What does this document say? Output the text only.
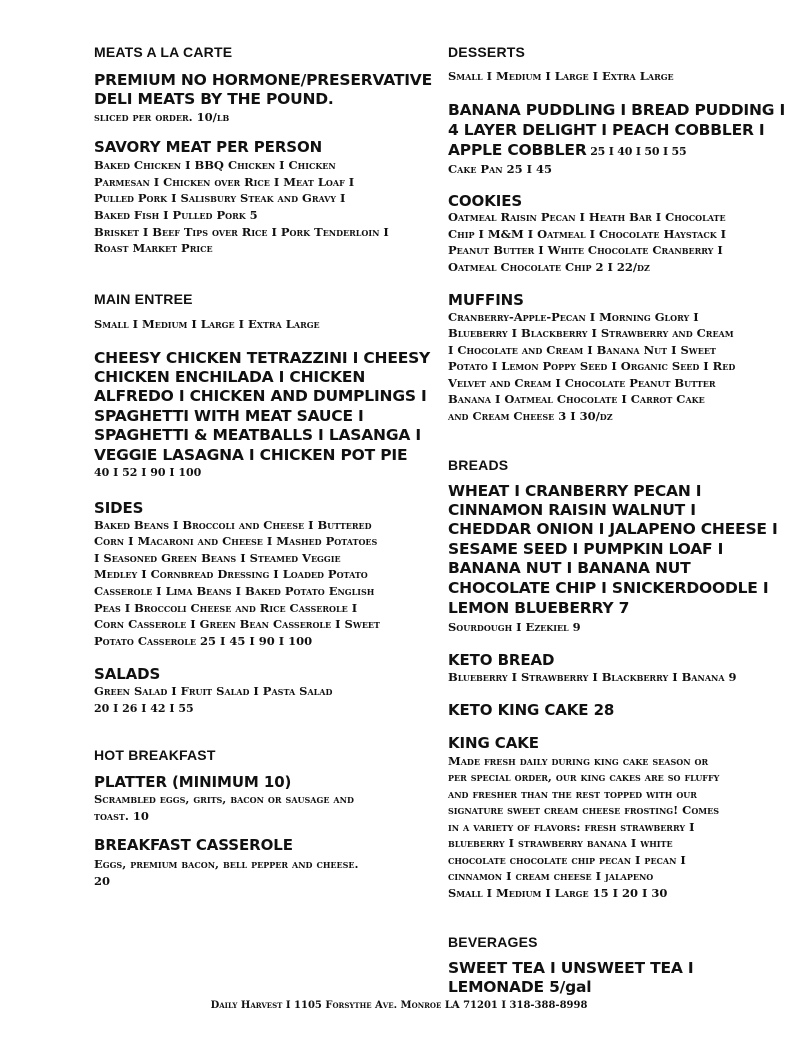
MEATS A LA CARTE
PREMIUM NO HORMONE/PRESERVATIVE
DELI MEATS BY THE POUND.
sliced per order. 10/lb
SAVORY MEAT PER PERSON
Baked Chicken I BBQ Chicken I Chicken
Parmesan I Chicken over Rice I Meat Loaf I
Pulled Pork I Salisbury Steak and Gravy I
Baked Fish I Pulled Pork 5
Brisket I Beef Tips over Rice I Pork Tenderloin I
Roast Market Price
MAIN ENTREE
Small I Medium I Large I Extra Large
CHEESY CHICKEN TETRAZZINI I CHEESY
CHICKEN ENCHILADA I CHICKEN
ALFREDO I CHICKEN AND DUMPLINGS I
SPAGHETTI WITH MEAT SAUCE I
SPAGHETTI & MEATBALLS I LASANGA I
VEGGIE LASAGNA I CHICKEN POT PIE
40 I 52 I 90 I 100
SIDES
Baked Beans I Broccoli and Cheese I Buttered
Corn I Macaroni and Cheese I Mashed Potatoes
I Seasoned Green Beans I Steamed Veggie
Medley I Cornbread Dressing I Loaded Potato
Casserole I Lima Beans I Baked Potato English
Peas I Broccoli Cheese and Rice Casserole I
Corn Casserole I Green Bean Casserole I Sweet
Potato Casserole 25 I 45 I 90 I 100
SALADS
Green Salad I Fruit Salad I Pasta Salad
20 I 26 I 42 I 55
HOT BREAKFAST
PLATTER (MINIMUM 10)
Scrambled eggs, grits, bacon or sausage and
toast. 10
BREAKFAST CASSEROLE
Eggs, premium bacon, bell pepper and cheese.
20
DESSERTS
Small I Medium I Large I Extra Large
BANANA PUDDLING I BREAD PUDDING I
4 LAYER DELIGHT I PEACH COBBLER I
APPLE COBBLER 25 I 40 I 50 I 55
Cake Pan 25 I 45
COOKIES
Oatmeal Raisin Pecan I Heath Bar I Chocolate
Chip I M&M I Oatmeal I Chocolate Haystack I
Peanut Butter I White Chocolate Cranberry I
Oatmeal Chocolate Chip 2 I 22/dz
MUFFINS
Cranberry-Apple-Pecan I Morning Glory I
Blueberry I Blackberry I Strawberry and Cream
I Chocolate and Cream I Banana Nut I Sweet
Potato I Lemon Poppy Seed I Organic Seed I Red
Velvet and Cream I Chocolate Peanut Butter
Banana I Oatmeal Chocolate I Carrot Cake
and Cream Cheese 3 I 30/dz
BREADS
WHEAT I CRANBERRY PECAN I
CINNAMON RAISIN WALNUT I
CHEDDAR ONION I JALAPENO CHEESE I
SESAME SEED I PUMPKIN LOAF I
BANANA NUT I BANANA NUT
CHOCOLATE CHIP I SNICKERDOODLE I
LEMON BLUEBERRY 7
Sourdough I Ezekiel 9
KETO BREAD
Blueberry I Strawberry I Blackberry I Banana 9
KETO KING CAKE 28
KING CAKE
Made fresh daily during king cake season or
per special order, our king cakes are so fluffy
and fresher than the rest topped with our
signature sweet cream cheese frosting! Comes
in a variety of flavors: fresh strawberry I
blueberry I strawberry banana I white
chocolate chocolate chip pecan I pecan I
cinnamon I cream cheese I jalapeno
Small I Medium I Large 15 I 20 I 30
BEVERAGES
SWEET TEA I UNSWEET TEA I
LEMONADE 5/gal
Daily Harvest I 1105 Forsythe Ave. Monroe LA 71201 I 318-388-8998
